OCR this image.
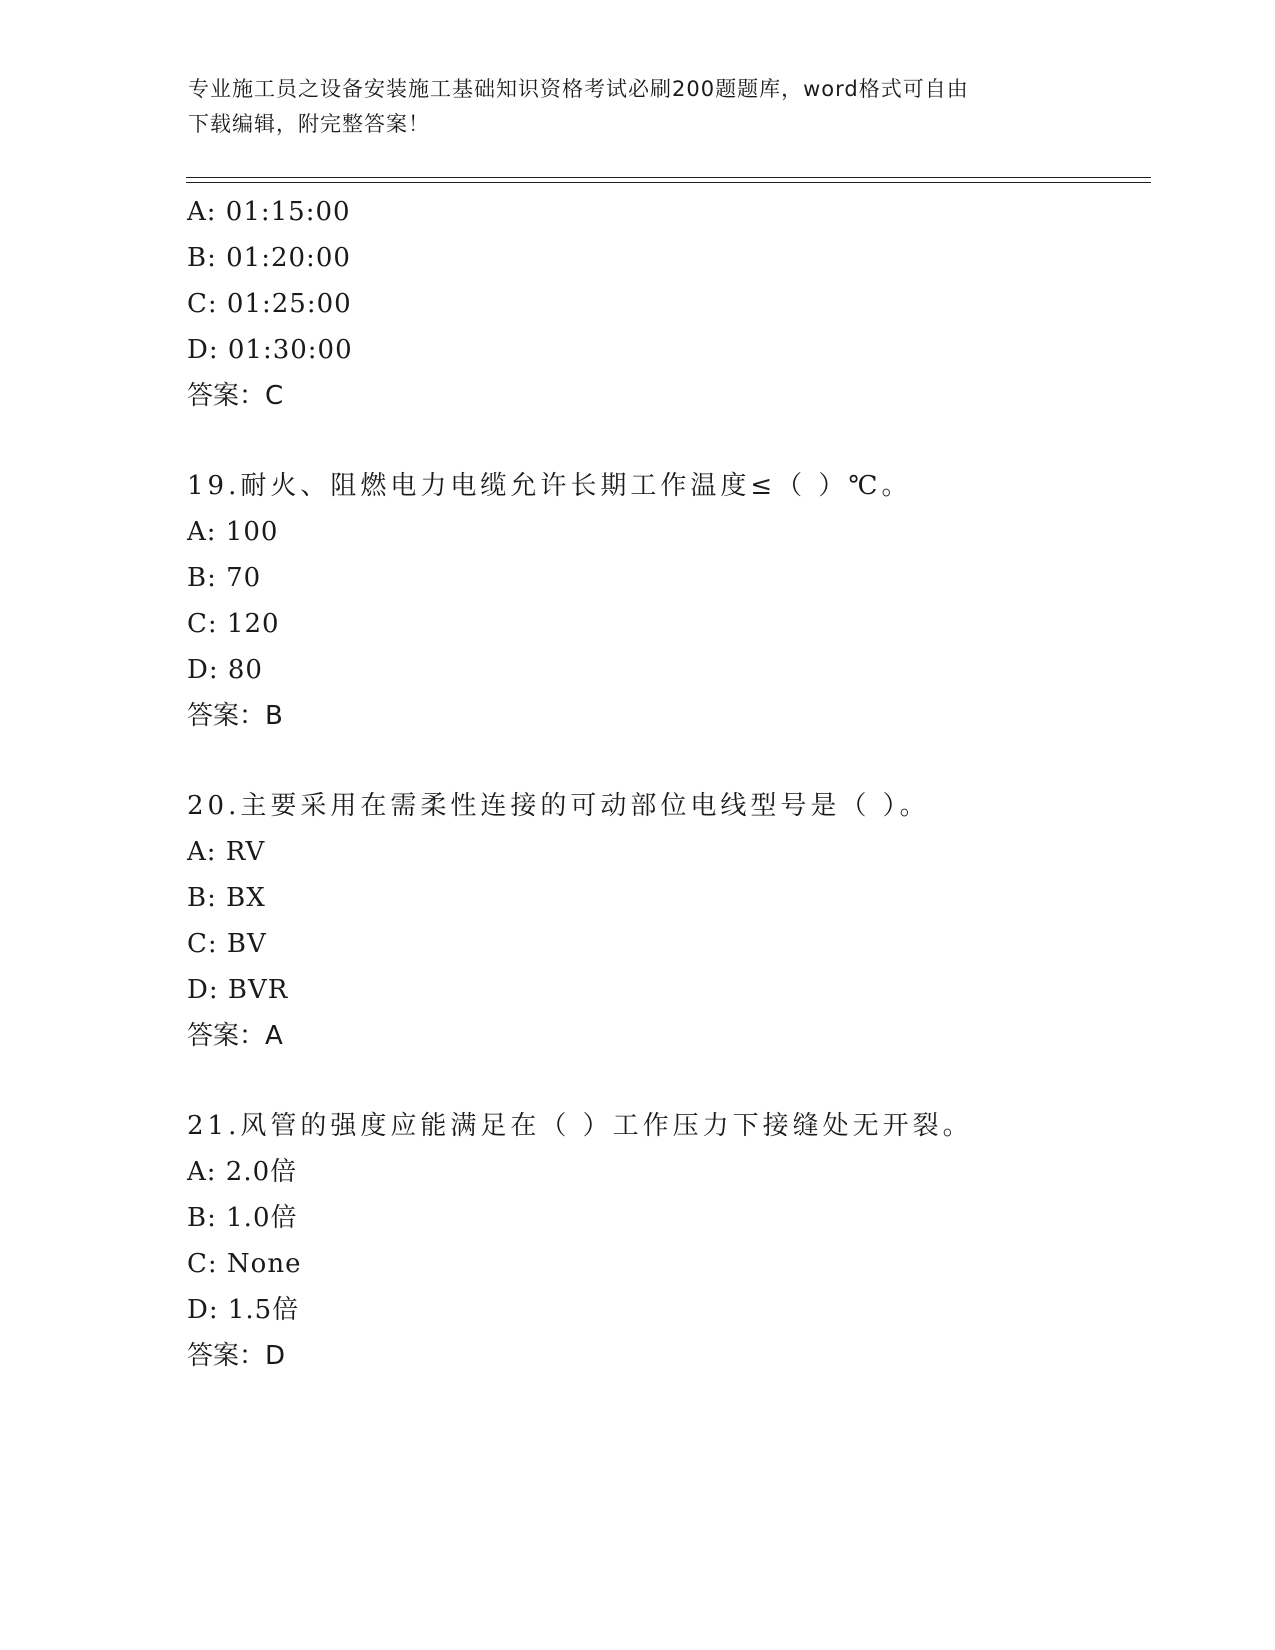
专业施工员之设备安装施工基础知识资格考试必刷200题题库，word格式可自由
下载编辑，附完整答案！
A: 01:15:00
B: 01:20:00
C: 01:25:00
D: 01:30:00
答案：C
19.耐火、阻燃电力电缆允许长期工作温度≤（ ）℃。
A: 100
B: 70
C: 120
D: 80
答案：B
20.主要采用在需柔性连接的可动部位电线型号是（ ）。
A: RV
B: BX
C: BV
D: BVR
答案：A
21.风管的强度应能满足在（ ）工作压力下接缝处无开裂。
A: 2.0倍
B: 1.0倍
C: None
D: 1.5倍
答案：D
